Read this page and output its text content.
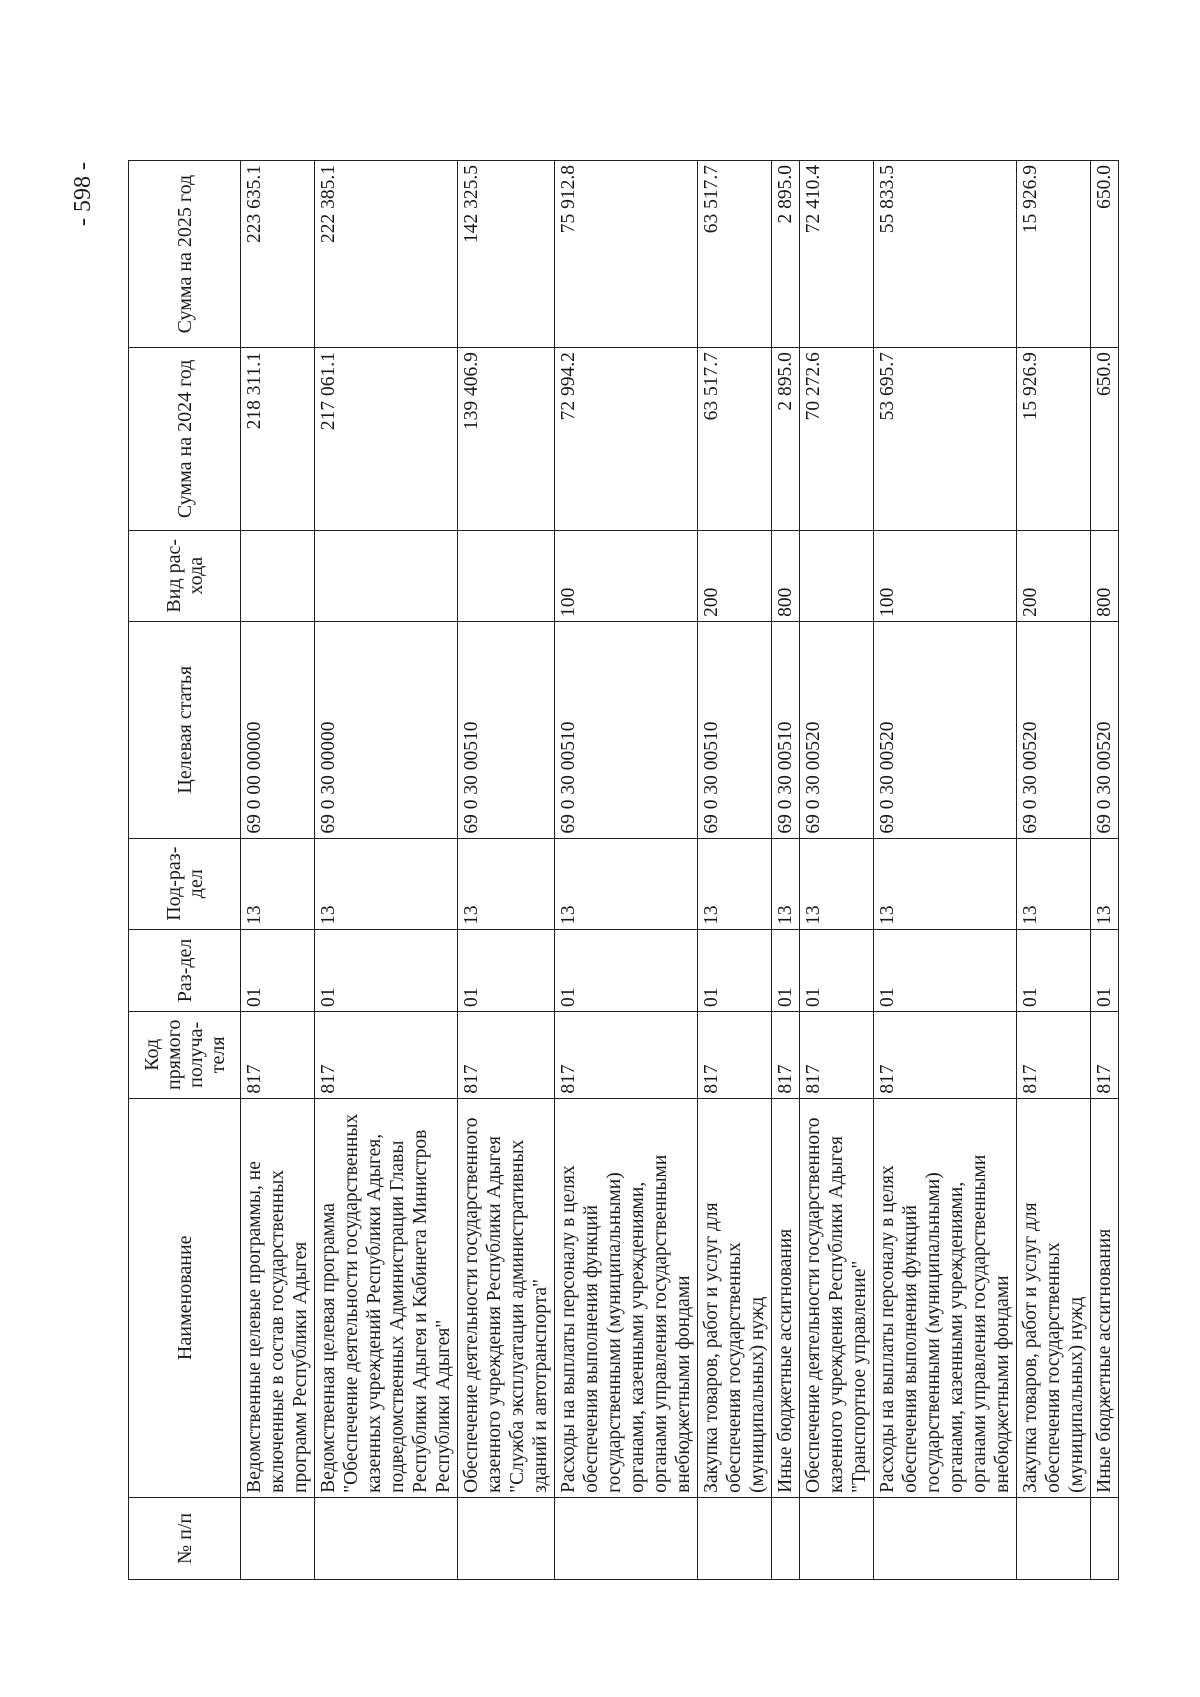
- 598 -
№ п/п	Наименование	Код прямого получа-теля	Раз-дел	Под-раз-дел	Целевая статья	Вид рас-хода	Сумма на 2024 год	Сумма на 2025 год
	Ведомственные целевые программы, не включенные в состав государственных программ Республики Адыгея	817	01	13	69 0 00 00000		218 311.1	223 635.1
	Ведомственная целевая программа "Обеспечение деятельности государственных казенных учреждений Республики Адыгея, подведомственных Администрации Главы Республики Адыгея и Кабинета Министров Республики Адыгея"	817	01	13	69 0 30 00000		217 061.1	222 385.1
	Обеспечение деятельности государственного казенного учреждения Республики Адыгея "Служба эксплуатации административных зданий и автотранспорта"	817	01	13	69 0 30 00510		139 406.9	142 325.5
	Расходы на выплаты персоналу в целях обеспечения выполнения функций государственными (муниципальными) органами, казенными учреждениями, органами управления государственными внебюджетными фондами	817	01	13	69 0 30 00510	100	72 994.2	75 912.8
	Закупка товаров, работ и услуг для обеспечения государственных (муниципальных) нужд	817	01	13	69 0 30 00510	200	63 517.7	63 517.7
	Иные бюджетные ассигнования	817	01	13	69 0 30 00510	800	2 895.0	2 895.0
	Обеспечение деятельности государственного казенного учреждения Республики Адыгея "Транспортное управление"	817	01	13	69 0 30 00520		70 272.6	72 410.4
	Расходы на выплаты персоналу в целях обеспечения выполнения функций государственными (муниципальными) органами, казенными учреждениями, органами управления государственными внебюджетными фондами	817	01	13	69 0 30 00520	100	53 695.7	55 833.5
	Закупка товаров, работ и услуг для обеспечения государственных (муниципальных) нужд	817	01	13	69 0 30 00520	200	15 926.9	15 926.9
	Иные бюджетные ассигнования	817	01	13	69 0 30 00520	800	650.0	650.0
